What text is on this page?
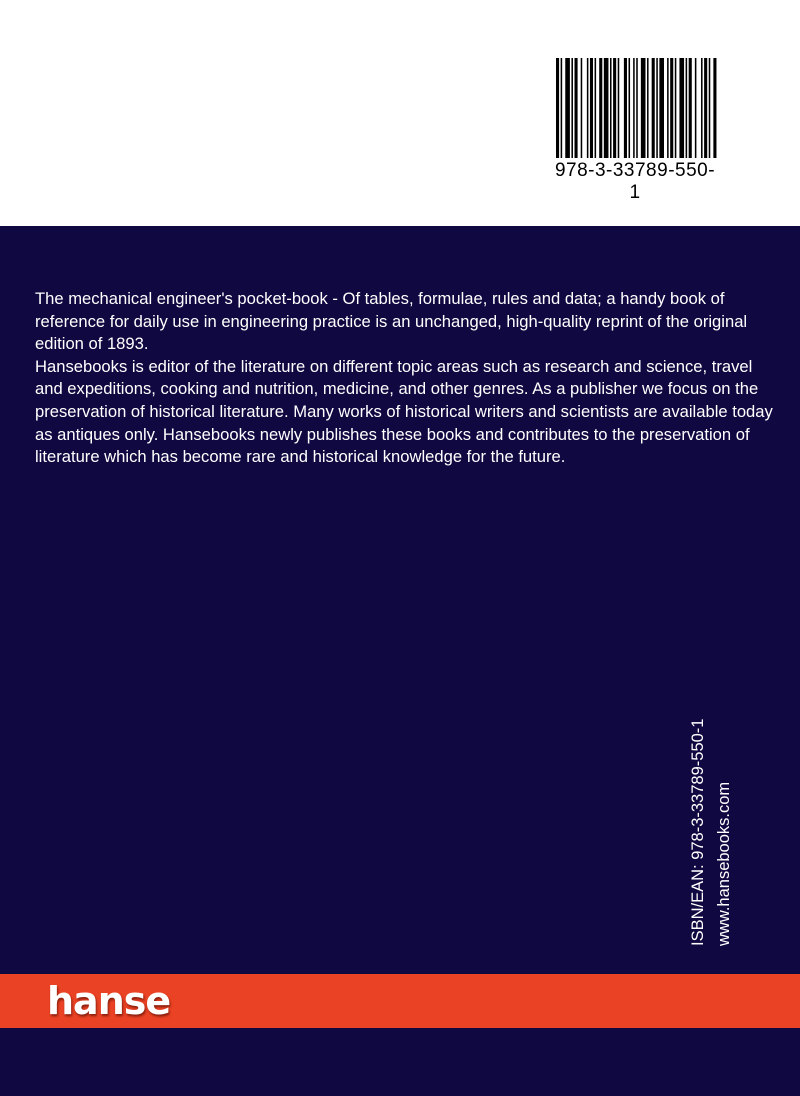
978-3-33789-550-1

The mechanical engineer's pocket-book - Of tables, formulae, rules and data; a handy book of reference for daily use in engineering practice is an unchanged, high-quality reprint of the original edition of 1893.

Hansebooks is editor of the literature on different topic areas such as research and science, travel and expeditions, cooking and nutrition, medicine, and other genres. As a publisher we focus on the preservation of historical literature. Many works of historical writers and scientists are available today as antiques only. Hansebooks newly publishes these books and contributes to the preservation of literature which has become rare and historical knowledge for the future.

ISBN/EAN: 978-3-33789-550-1 www.hansebooks.com
hanse
